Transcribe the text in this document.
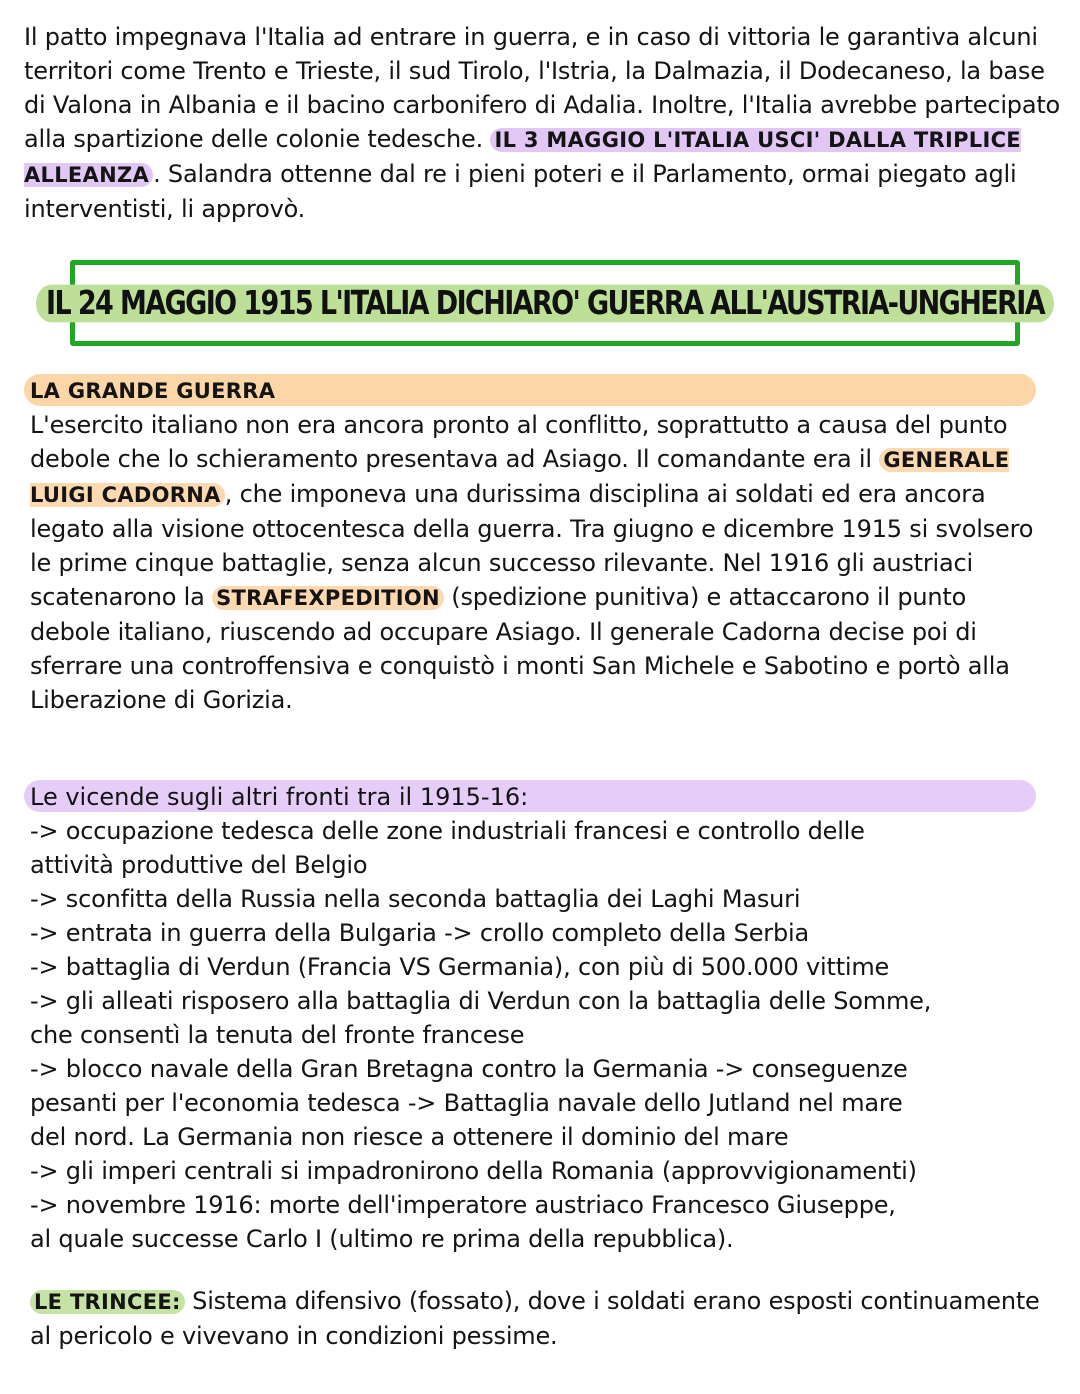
Il patto impegnava l'Italia ad entrare in guerra, e in caso di vittoria le garantiva alcuni territori come Trento e Trieste, il sud Tirolo, l'Istria, la Dalmazia, il Dodecaneso, la base di Valona in Albania e il bacino carbonifero di Adalia. Inoltre, l'Italia avrebbe partecipato alla spartizione delle colonie tedesche. IL 3 MAGGIO L'ITALIA USCI' DALLA TRIPLICE ALLEANZA . Salandra ottenne dal re i pieni poteri e il Parlamento, ormai piegato agli interventisti, li approvò.
IL 24 MAGGIO 1915 L'ITALIA DICHIARO' GUERRA ALL'AUSTRIA-UNGHERIA
LA GRANDE GUERRA
L'esercito italiano non era ancora pronto al conflitto, soprattutto a causa del punto debole che lo schieramento presentava ad Asiago. Il comandante era il GENERALE LUIGI CADORNA , che imponeva una durissima disciplina ai soldati ed era ancora legato alla visione ottocentesca della guerra. Tra giugno e dicembre 1915 si svolsero le prime cinque battaglie, senza alcun successo rilevante. Nel 1916 gli austriaci scatenarono la STRAFEXPEDITION (spedizione punitiva) e attaccarono il punto debole italiano, riuscendo ad occupare Asiago. Il generale Cadorna decise poi di sferrare una controffensiva e conquistò i monti San Michele e Sabotino e portò alla Liberazione di Gorizia.
Le vicende sugli altri fronti tra il 1915-16:
-> occupazione tedesca delle zone industriali francesi e controllo delle
attività produttive del Belgio
-> sconfitta della Russia nella seconda battaglia dei Laghi Masuri
-> entrata in guerra della Bulgaria -> crollo completo della Serbia
-> battaglia di Verdun (Francia VS Germania), con più di 500.000 vittime
-> gli alleati risposero alla battaglia di Verdun con la battaglia delle Somme,
che consentì la tenuta del fronte francese
-> blocco navale della Gran Bretagna contro la Germania -> conseguenze
pesanti per l'economia tedesca -> Battaglia navale dello Jutland nel mare
del nord. La Germania non riesce a ottenere il dominio del mare
-> gli imperi centrali si impadronirono della Romania (approvvigionamenti)
-> novembre 1916: morte dell'imperatore austriaco Francesco Giuseppe,
al quale successe Carlo I (ultimo re prima della repubblica).
LE TRINCEE: Sistema difensivo (fossato), dove i soldati erano esposti continuamente al pericolo e vivevano in condizioni pessime.
